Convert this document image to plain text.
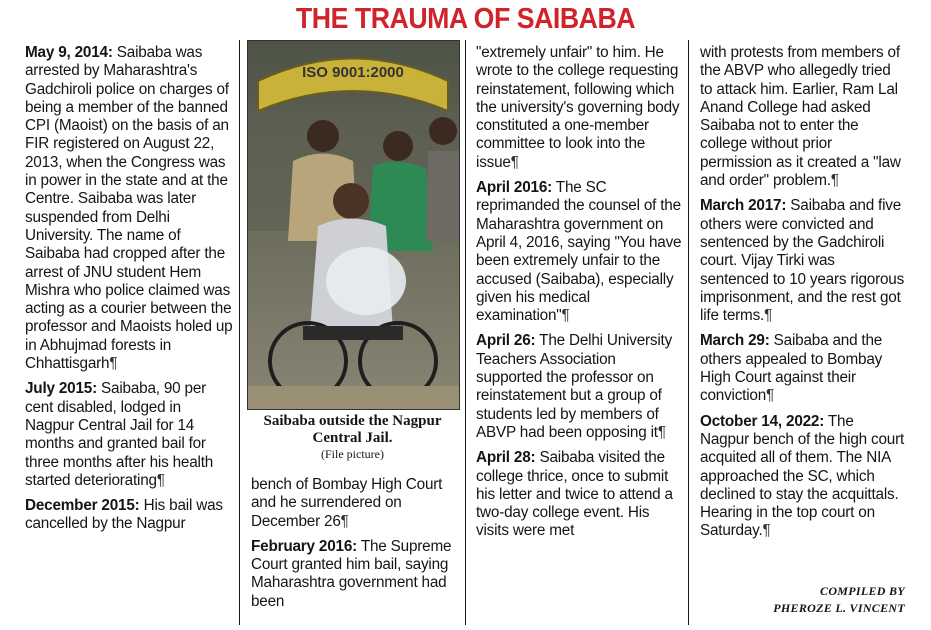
THE TRAUMA OF SAIBABA

May 9, 2014: Saibaba was arrested by Maharashtra's Gadchiroli police on charges of being a member of the banned CPI (Maoist) on the basis of an FIR registered on August 22, 2013, when the Congress was in power in the state and at the Centre. Saibaba was later suspended from Delhi University. The name of Saibaba had cropped after the arrest of JNU student Hem Mishra who police claimed was acting as a courier between the professor and Maoists holed up in Abhujmad forests in Chhattisgarh¶

July 2015: Saibaba, 90 per cent disabled, lodged in Nagpur Central Jail for 14 months and granted bail for three months after his health started deteriorating¶

December 2015: His bail was cancelled by the Nagpur

ISO 9001:2000
Saibaba outside the Nagpur Central Jail.
(File picture)

bench of Bombay High Court and he surrendered on December 26¶

February 2016: The Supreme Court granted him bail, saying Maharashtra government had been

"extremely unfair" to him. He wrote to the college requesting reinstatement, following which the university's governing body constituted a one-member committee to look into the issue¶

April 2016: The SC reprimanded the counsel of the Maharashtra government on April 4, 2016, saying "You have been extremely unfair to the accused (Saibaba), especially given his medical examination"¶

April 26: The Delhi University Teachers Association supported the professor on reinstatement but a group of students led by members of ABVP had been opposing it¶

April 28: Saibaba visited the college thrice, once to submit his letter and twice to attend a two-day college event. His visits were met

with protests from members of the ABVP who allegedly tried to attack him. Earlier, Ram Lal Anand College had asked Saibaba not to enter the college without prior permission as it created a "law and order" problem.¶

March 2017: Saibaba and five others were convicted and sentenced by the Gadchiroli court. Vijay Tirki was sentenced to 10 years rigorous imprisonment, and the rest got life terms.¶

March 29: Saibaba and the others appealed to Bombay High Court against their conviction¶

October 14, 2022: The Nagpur bench of the high court acquited all of them. The NIA approached the SC, which declined to stay the acquittals. Hearing in the top court on Saturday.¶

COMPILED BY
PHEROZE L. VINCENT
